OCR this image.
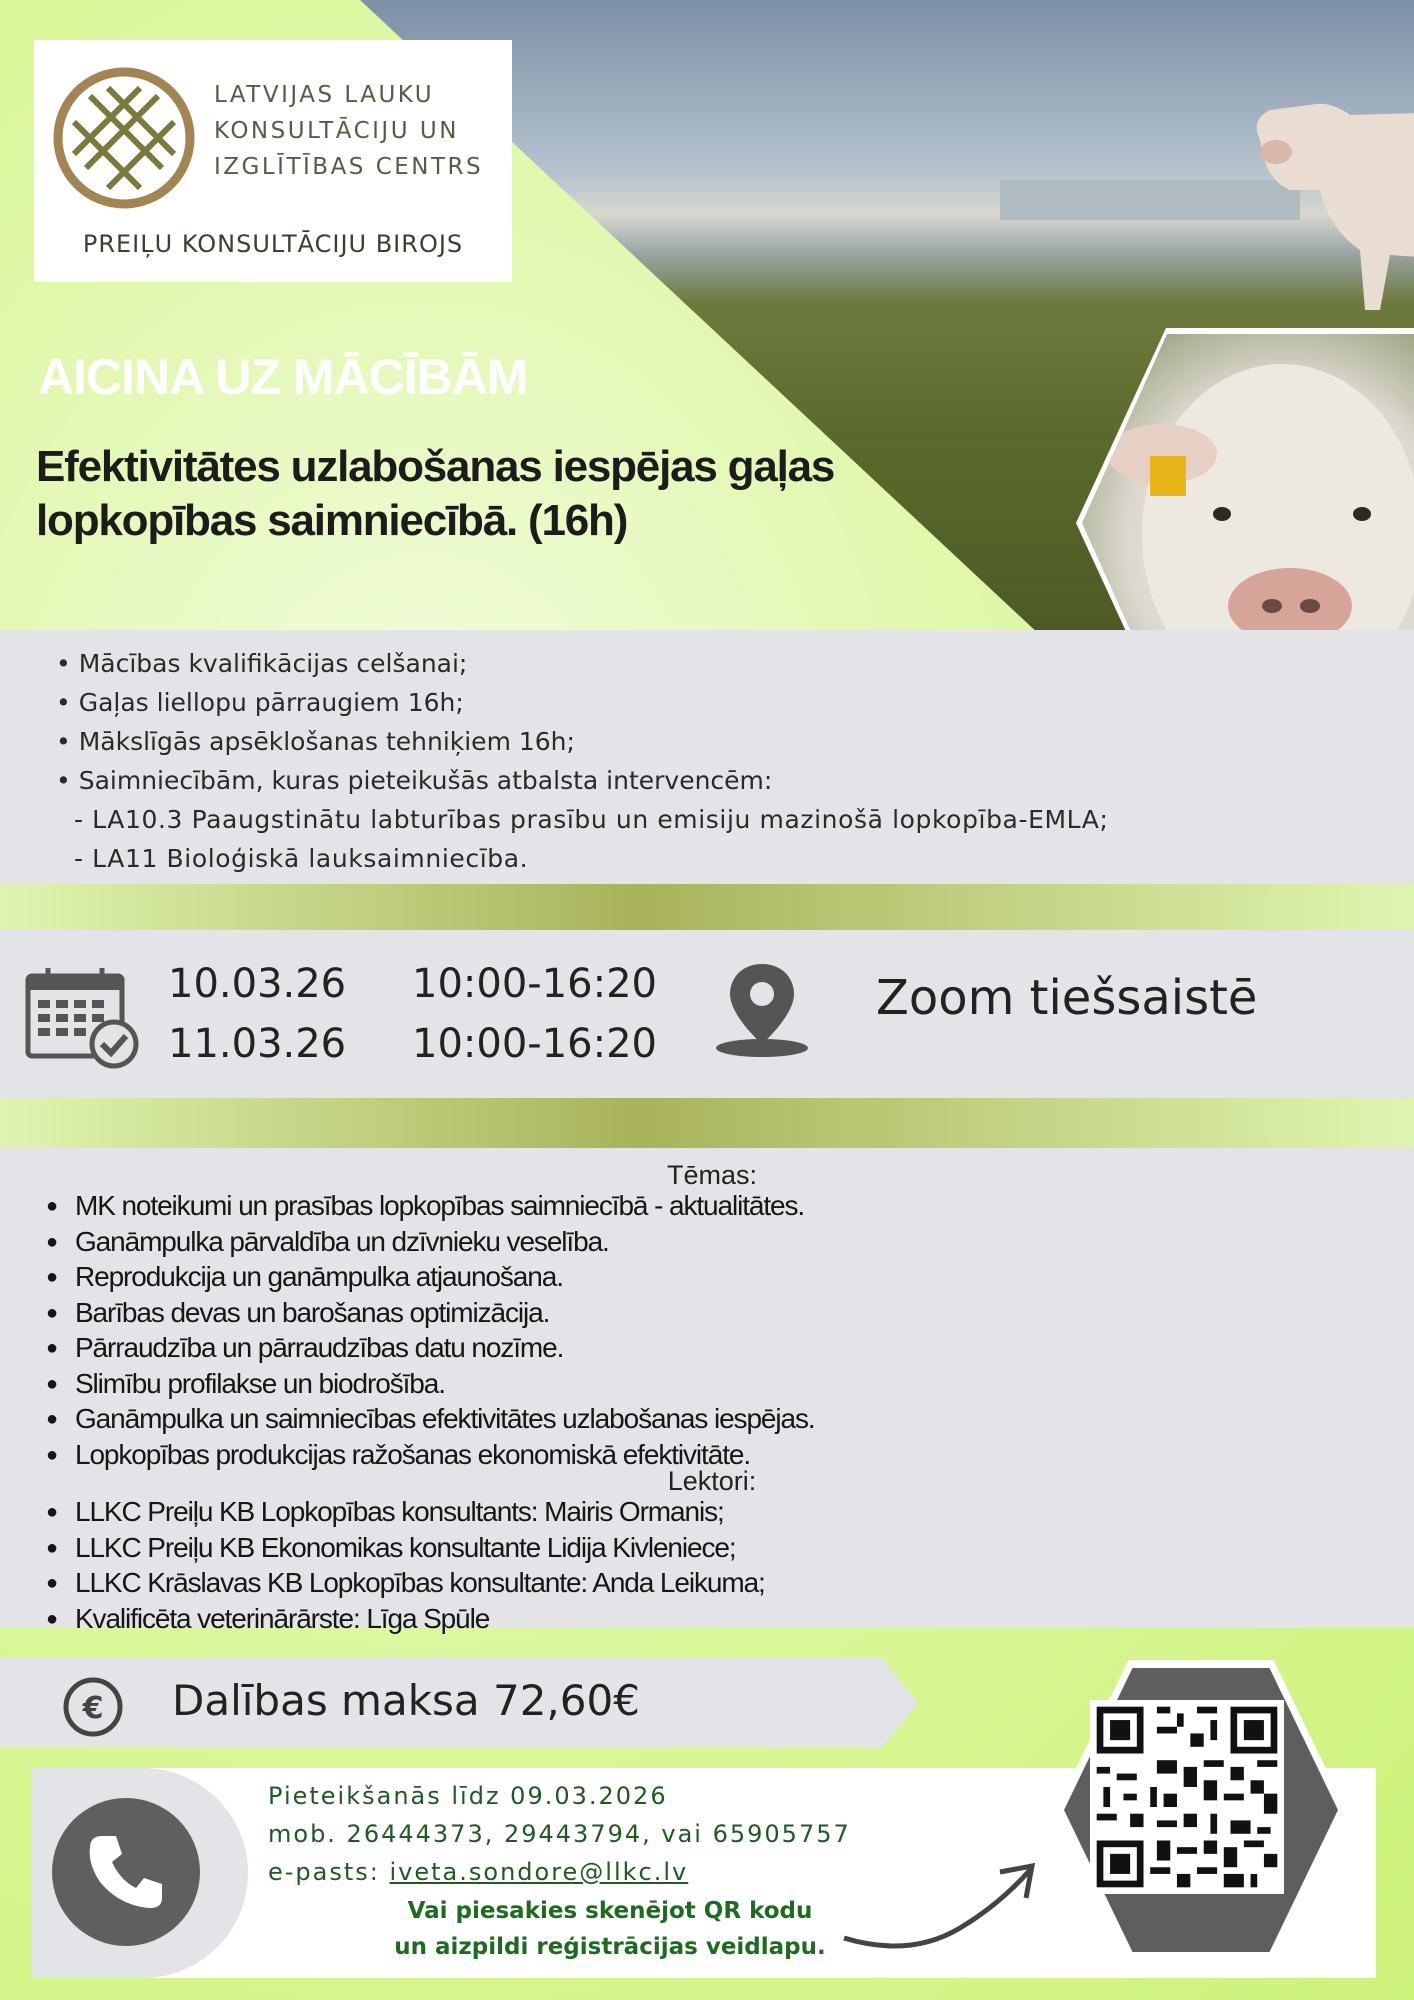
LATVIJAS LAUKU
KONSULTĀCIJU UN
IZGLĪTĪBAS CENTRS
PREIĻU KONSULTĀCIJU BIROJS
AICINA UZ MĀCĪBĀM
Efektivitātes uzlabošanas iespējas gaļas
lopkopības saimniecībā. (16h)
• Mācības kvalifikācijas celšanai;
• Gaļas liellopu pārraugiem 16h;
• Mākslīgās apsēklošanas tehniķiem 16h;
• Saimniecībām, kuras pieteikušās atbalsta intervencēm:
- LA10.3 Paaugstinātu labturības prasību un emisiju mazinošā lopkopība-EMLA;
- LA11 Bioloģiskā lauksaimniecība.
10.03.26
11.03.26
10:00-16:20
10:00-16:20
Zoom tiešsaistē
Tēmas:
● MK noteikumi un prasības lopkopības saimniecībā - aktualitātes.
● Ganāmpulka pārvaldība un dzīvnieku veselība.
● Reprodukcija un ganāmpulka atjaunošana.
● Barības devas un barošanas optimizācija.
● Pārraudzība un pārraudzības datu nozīme.
● Slimību profilakse un biodrošība.
● Ganāmpulka un saimniecības efektivitātes uzlabošanas iespējas.
● Lopkopības produkcijas ražošanas ekonomiskā efektivitāte.
Lektori:
● LLKC Preiļu KB Lopkopības konsultants: Mairis Ormanis;
● LLKC Preiļu KB Ekonomikas konsultante Lidija Kivleniece;
● LLKC Krāslavas KB Lopkopības konsultante: Anda Leikuma;
● Kvalificēta veterinārārste: Līga Spūle
€ Dalības maksa 72,60€
Pieteikšanās līdz 09.03.2026
mob. 26444373, 29443794, vai 65905757
e-pasts: iveta.sondore@llkc.lv
Vai piesakies skenējot QR kodu
un aizpildi reģistrācijas veidlapu.
